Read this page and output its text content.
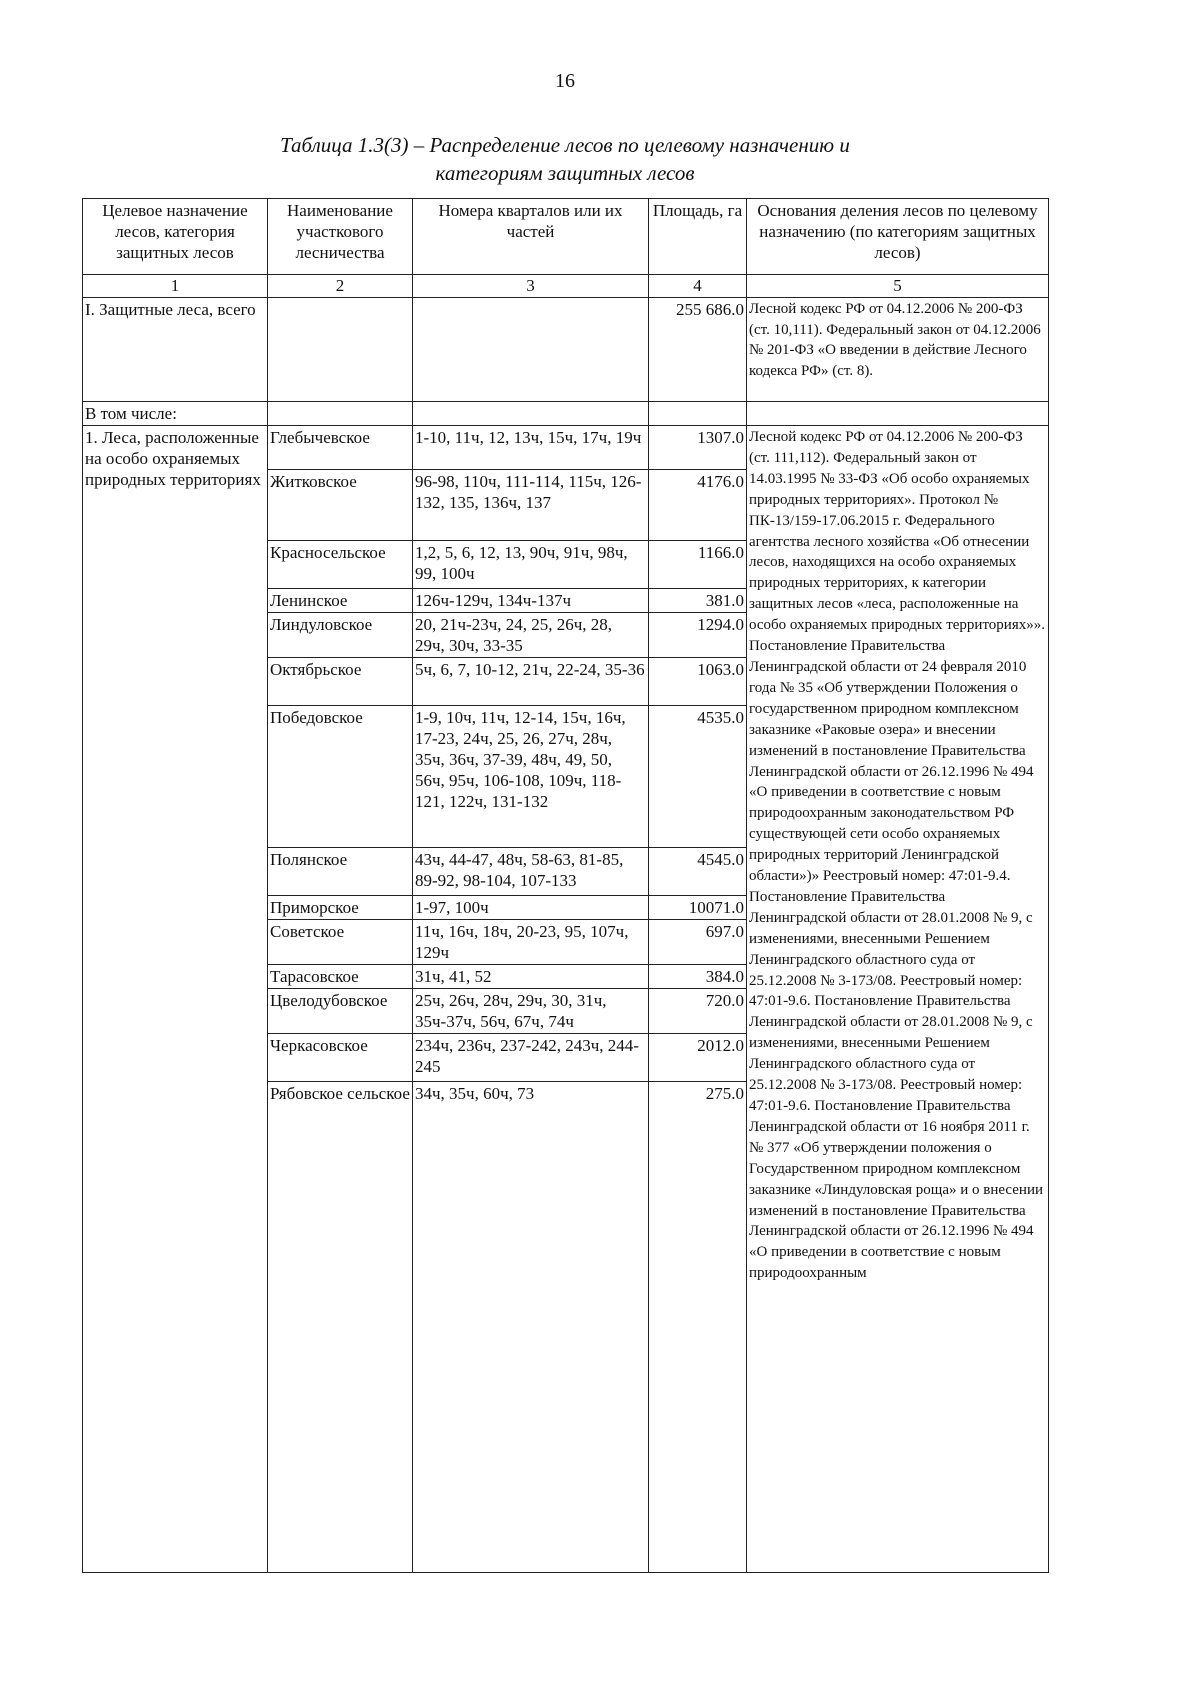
16
Таблица 1.3(3) – Распределение лесов по целевому назначению и
категориям защитных лесов
Целевое назначение лесов, категория защитных лесов	Наименование участкового лесничества	Номера кварталов или их частей	Площадь, га	Основания деления лесов по целевому назначению (по категориям защитных лесов)
1	2	3	4	5
I. Защитные леса, всего			255 686.0	Лесной кодекс РФ от 04.12.2006 № 200-ФЗ (ст. 10,111). Федеральный закон от 04.12.2006 № 201-ФЗ «О введении в действие Лесного кодекса РФ» (ст. 8).
В том числе:				
1. Леса, расположенные на особо охраняемых природных территориях	Глебычевское	1-10, 11ч, 12, 13ч, 15ч, 17ч, 19ч	1307.0	Лесной кодекс РФ от 04.12.2006 № 200-ФЗ (ст. 111,112). Федеральный закон от 14.03.1995 № 33-ФЗ «Об особо охраняемых природных территориях». Протокол № ПК-13/159-17.06.2015 г. Федерального агентства лесного хозяйства «Об отнесении лесов, находящихся на особо охраняемых природных территориях, к категории защитных лесов «леса, расположенные на особо охраняемых природных территориях»». Постановление Правительства Ленинградской области от 24 февраля 2010 года № 35 «Об утверждении Положения о государственном природном комплексном заказнике «Раковые озера» и внесении изменений в постановление Правительства Ленинградской области от 26.12.1996 № 494 «О приведении в соответствие с новым природоохранным законодательством РФ существующей сети особо охраняемых природных территорий Ленинградской области»)» Реестровый номер: 47:01-9.4. Постановление Правительства Ленинградской области от 28.01.2008 № 9, с изменениями, внесенными Решением Ленинградского областного суда от 25.12.2008 № 3-173/08. Реестровый номер: 47:01-9.6. Постановление Правительства Ленинградской области от 28.01.2008 № 9, с изменениями, внесенными Решением Ленинградского областного суда от 25.12.2008 № 3-173/08. Реестровый номер: 47:01-9.6. Постановление Правительства Ленинградской области от 16 ноября 2011 г. № 377 «Об утверждении положения о Государственном природном комплексном заказнике «Линдуловская роща» и о внесении изменений в постановление Правительства Ленинградской области от 26.12.1996 № 494 «О приведении в соответствие с новым природоохранным
	Житковское	96-98, 110ч, 111-114, 115ч, 126-132, 135, 136ч, 137	4176.0	
	Красносельское	1,2, 5, 6, 12, 13, 90ч, 91ч, 98ч, 99, 100ч	1166.0	
	Ленинское	126ч-129ч, 134ч-137ч	381.0	
	Линдуловское	20, 21ч-23ч, 24, 25, 26ч, 28, 29ч, 30ч, 33-35	1294.0	
	Октябрьское	5ч, 6, 7, 10-12, 21ч, 22-24, 35-36	1063.0	
	Победовское	1-9, 10ч, 11ч, 12-14, 15ч, 16ч, 17-23, 24ч, 25, 26, 27ч, 28ч, 35ч, 36ч, 37-39, 48ч, 49, 50, 56ч, 95ч, 106-108, 109ч, 118-121, 122ч, 131-132	4535.0	
	Полянское	43ч, 44-47, 48ч, 58-63, 81-85, 89-92, 98-104, 107-133	4545.0	
	Приморское	1-97, 100ч	10071.0	
	Советское	11ч, 16ч, 18ч, 20-23, 95, 107ч, 129ч	697.0	
	Тарасовское	31ч, 41, 52	384.0	
	Цвелодубовское	25ч, 26ч, 28ч, 29ч, 30, 31ч, 35ч-37ч, 56ч, 67ч, 74ч	720.0	
	Черкасовское	234ч, 236ч, 237-242, 243ч, 244-245	2012.0	
	Рябовское сельское	34ч, 35ч, 60ч, 73	275.0	
